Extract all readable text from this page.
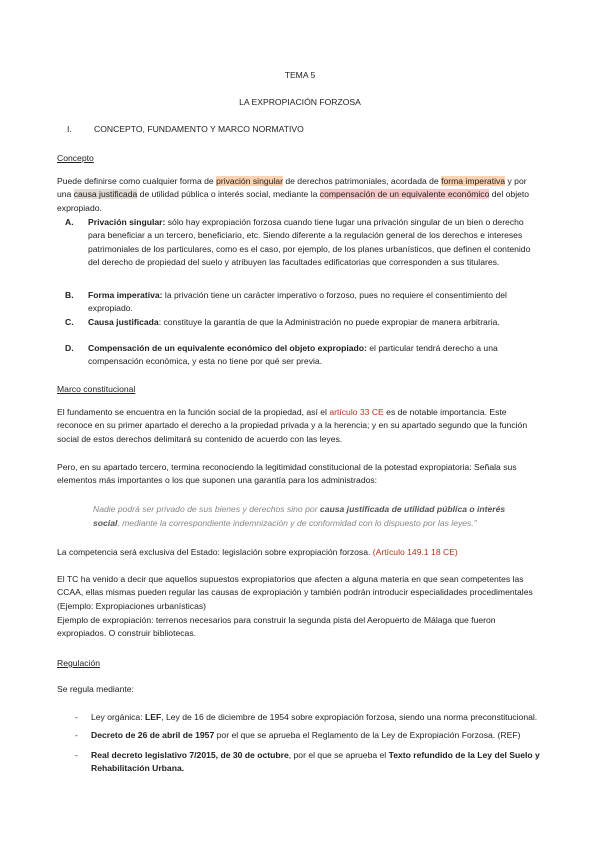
TEMA 5
LA EXPROPIACIÓN FORZOSA
I.	CONCEPTO, FUNDAMENTO Y MARCO NORMATIVO
Concepto
Puede definirse como cualquier forma de privación singular de derechos patrimoniales, acordada de forma imperativa y por una causa justificada de utilidad pública o interés social, mediante la compensación de un equivalente económico del objeto expropiado.
A. Privación singular: sólo hay expropiación forzosa cuando tiene lugar una privación singular de un bien o derecho para beneficiar a un tercero, beneficiario, etc. Siendo diferente a la regulación general de los derechos e intereses patrimoniales de los particulares, como es el caso, por ejemplo, de los planes urbanísticos, que definen el contenido del derecho de propiedad del suelo y atribuyen las facultades edificatorias que corresponden a sus titulares.
B. Forma imperativa: la privación tiene un carácter imperativo o forzoso, pues no requiere el consentimiento del expropiado.
C. Causa justificada: constituye la garantía de que la Administración no puede expropiar de manera arbitraria.
D. Compensación de un equivalente económico del objeto expropiado: el particular tendrá derecho a una compensación económica, y esta no tiene por qué ser previa.
Marco constitucional
El fundamento se encuentra en la función social de la propiedad, así el artículo 33 CE es de notable importancia. Este reconoce en su primer apartado el derecho a la propiedad privada y a la herencia; y en su apartado segundo que la función social de estos derechos delimitará su contenido de acuerdo con las leyes.
Pero, en su apartado tercero, termina reconociendo la legitimidad constitucional de la potestad expropiatoria: Señala sus elementos más importantes o los que suponen una garantía para los administrados:
Nadie podrá ser privado de sus bienes y derechos sino por causa justificada de utilidad pública o interés social, mediante la correspondiente indemnización y de conformidad con lo dispuesto por las leyes."
La competencia será exclusiva del Estado: legislación sobre expropiación forzosa. (Artículo 149.1 18 CE)
El TC ha venido a decir que aquellos supuestos expropiatorios que afecten a alguna materia en que sean competentes las CCAA, ellas mismas pueden regular las causas de expropiación y también podrán introducir especialidades procedimentales (Ejemplo: Expropiaciones urbanísticas)
Ejemplo de expropiación: terrenos necesarios para construir la segunda pista del Aeropuerto de Málaga que fueron expropiados. O construir bibliotecas.
Regulación
Se regula mediante:
- Ley orgánica: LEF, Ley de 16 de diciembre de 1954 sobre expropiación forzosa, siendo una norma preconstitucional.
- Decreto de 26 de abril de 1957 por el que se aprueba el Reglamento de la Ley de Expropiación Forzosa. (REF)
- Real decreto legislativo 7/2015, de 30 de octubre, por el que se aprueba el Texto refundido de la Ley del Suelo y Rehabilitación Urbana.
